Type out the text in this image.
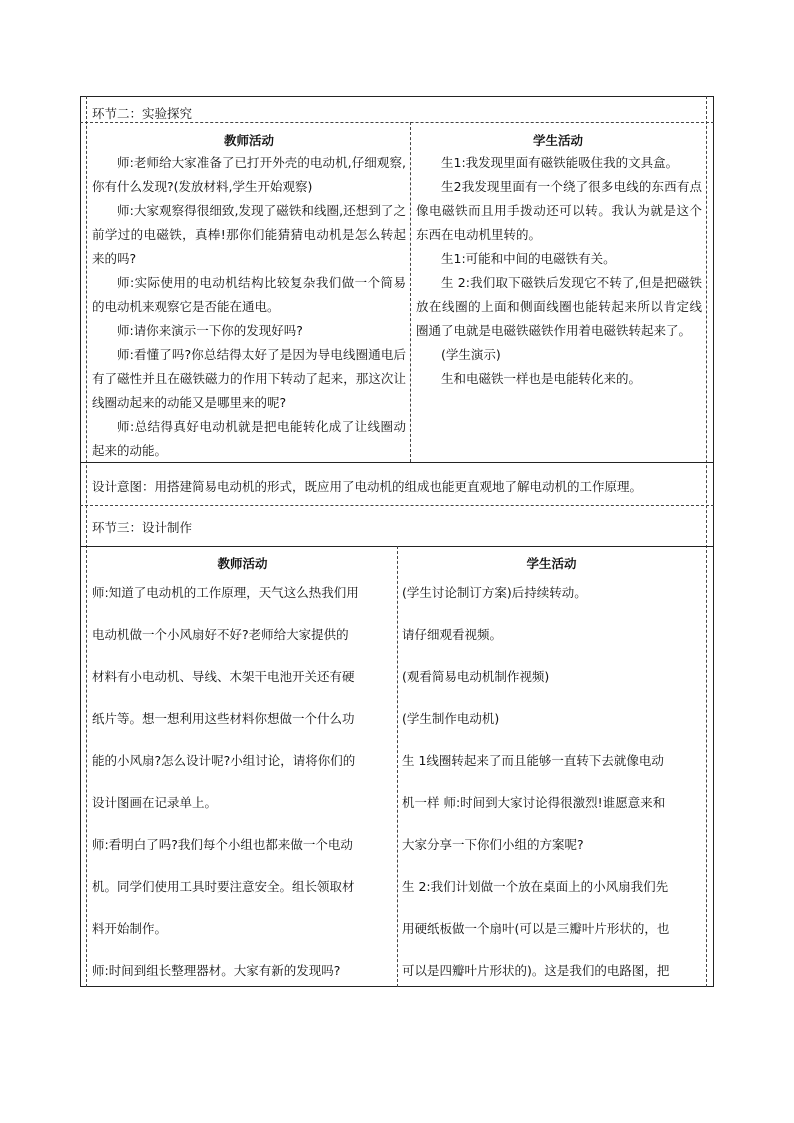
环节二：实验探究
教师活动	学生活动

师:老师给大家准备了已打开外壳的电动机,仔细观察,你有什么发现?(发放材料,学生开始观察)

师:大家观察得很细致,发现了磁铁和线圈,还想到了之前学过的电磁铁，真棒!那你们能猜猜电动机是怎么转起来的吗?

师:实际使用的电动机结构比较复杂我们做一个简易的电动机来观察它是否能在通电。

师:请你来演示一下你的发现好吗?

师:看懂了吗?你总结得太好了是因为导电线圈通电后有了磁性并且在磁铁磁力的作用下转动了起来，那这次让线圈动起来的动能又是哪里来的呢?

师:总结得真好电动机就是把电能转化成了让线圈动起来的动能。

生1:我发现里面有磁铁能吸住我的文具盒。

生2我发现里面有一个绕了很多电线的东西有点像电磁铁而且用手拨动还可以转。我认为就是这个东西在电动机里转的。

生1:可能和中间的电磁铁有关。

生 2:我们取下磁铁后发现它不转了,但是把磁铁放在线圈的上面和侧面线圈也能转起来所以肯定线圈通了电就是电磁铁磁铁作用着电磁铁转起来了。

(学生演示)

生和电磁铁一样也是电能转化来的。

设计意图：用搭建简易电动机的形式，既应用了电动机的组成也能更直观地了解电动机的工作原理。
环节三：设计制作
教师活动	学生活动
师:知道了电动机的工作原理，天气这么热我们用
电动机做一个小风扇好不好?老师给大家提供的
材料有小电动机、导线、木架干电池开关还有硬
纸片等。想一想利用这些材料你想做一个什么功
能的小风扇?怎么设计呢?小组讨论，请将你们的
设计图画在记录单上。
师:看明白了吗?我们每个小组也都来做一个电动
机。同学们使用工具时要注意安全。组长领取材
料开始制作。
师:时间到组长整理器材。大家有新的发现吗?
(学生讨论制订方案)后持续转动。
请仔细观看视频。
(观看简易电动机制作视频)
(学生制作电动机)
生 1线圈转起来了而且能够一直转下去就像电动
机一样 师:时间到大家讨论得很激烈!谁愿意来和
大家分享一下你们小组的方案呢?
生 2:我们计划做一个放在桌面上的小风扇我们先
用硬纸板做一个扇叶(可以是三瓣叶片形状的，也
可以是四瓣叶片形状的)。这是我们的电路图，把
